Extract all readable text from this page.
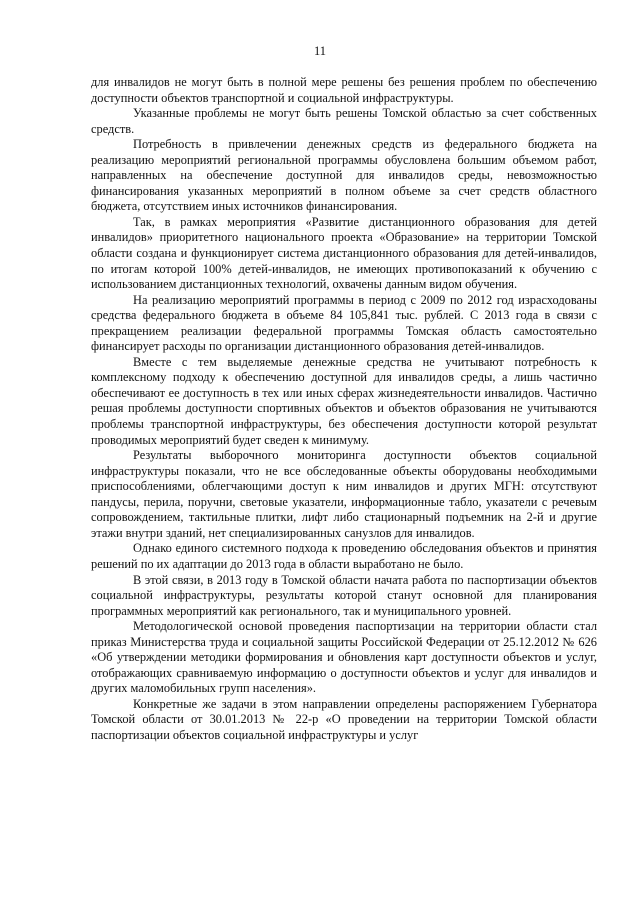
11

для инвалидов не могут быть в полной мере решены без решения проблем по обеспечению доступности объектов транспортной и социальной инфраструктуры.

Указанные проблемы не могут быть решены Томской областью за счет собственных средств.

Потребность в привлечении денежных средств из федерального бюджета на реализацию мероприятий региональной программы обусловлена большим объемом работ, направленных на обеспечение доступной для инвалидов среды, невозможностью финансирования указанных мероприятий в полном объеме за счет средств областного бюджета, отсутствием иных источников финансирования.

Так, в рамках мероприятия «Развитие дистанционного образования для детей инвалидов» приоритетного национального проекта «Образование» на территории Томской области создана и функционирует система дистанционного образования для детей-инвалидов, по итогам которой 100% детей-инвалидов, не имеющих противопоказаний к обучению с использованием дистанционных технологий, охвачены данным видом обучения.

На реализацию мероприятий программы в период с 2009 по 2012 год израсходованы средства федерального бюджета в объеме 84 105,841 тыс. рублей. С 2013 года в связи с прекращением реализации федеральной программы Томская область самостоятельно финансирует расходы по организации дистанционного образования детей-инвалидов.

Вместе с тем выделяемые денежные средства не учитывают потребность к комплексному подходу к обеспечению доступной для инвалидов среды, а лишь частично обеспечивают ее доступность в тех или иных сферах жизнедеятельности инвалидов. Частично решая проблемы доступности спортивных объектов и объектов образования не учитываются проблемы транспортной инфраструктуры, без обеспечения доступности которой результат проводимых мероприятий будет сведен к минимуму.

Результаты выборочного мониторинга доступности объектов социальной инфраструктуры показали, что не все обследованные объекты оборудованы необходимыми приспособлениями, облегчающими доступ к ним инвалидов и других МГН: отсутствуют пандусы, перила, поручни, световые указатели, информационные табло, указатели с речевым сопровождением, тактильные плитки, лифт либо стационарный подъемник на 2-й и другие этажи внутри зданий, нет специализированных санузлов для инвалидов.

Однако единого системного подхода к проведению обследования объектов и принятия решений по их адаптации до 2013 года в области выработано не было.

В этой связи, в 2013 году в Томской области начата работа по паспортизации объектов социальной инфраструктуры, результаты которой станут основной для планирования программных мероприятий как регионального, так и муниципального уровней.

Методологической основой проведения паспортизации на территории области стал приказ Министерства труда и социальной защиты Российской Федерации от 25.12.2012 № 626 «Об утверждении методики формирования и обновления карт доступности объектов и услуг, отображающих сравниваемую информацию о доступности объектов и услуг для инвалидов и других маломобильных групп населения».

Конкретные же задачи в этом направлении определены распоряжением Губернатора Томской области от 30.01.2013 № 22-р «О проведении на территории Томской области паспортизации объектов социальной инфраструктуры и услуг
